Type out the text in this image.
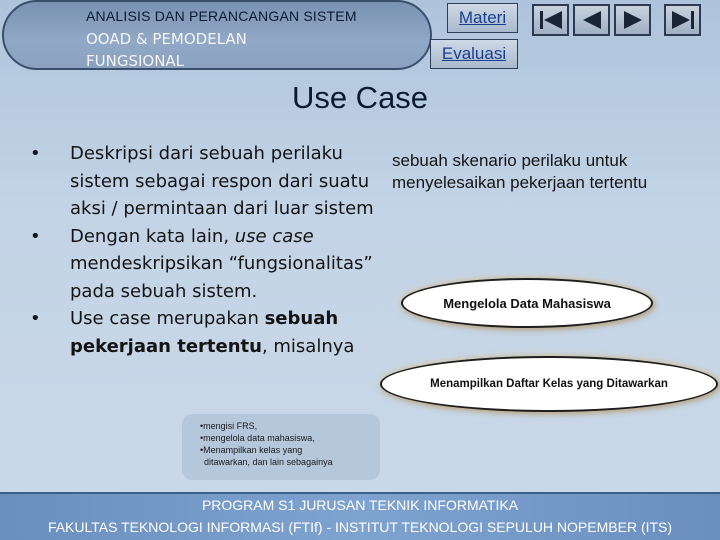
ANALISIS DAN PERANCANGAN SISTEM
OOAD & PEMODELAN
FUNGSIONAL
Materi
Evaluasi
Use Case
• Deskripsi dari sebuah perilaku sistem sebagai respon dari suatu aksi / permintaan dari luar sistem
• Dengan kata lain, use case mendeskripsikan “fungsionalitas” pada sebuah sistem.
• Use case merupakan sebuah pekerjaan tertentu, misalnya
•mengisi FRS,
•mengelola data mahasiswa,
•Menampilkan kelas yang
ditawarkan, dan lain sebagainya
sebuah skenario perilaku untuk menyelesaikan pekerjaan tertentu
Mengelola Data Mahasiswa
Menampilkan Daftar Kelas yang Ditawarkan
PROGRAM S1 JURUSAN TEKNIK INFORMATIKA
FAKULTAS TEKNOLOGI INFORMASI (FTIf) - INSTITUT TEKNOLOGI SEPULUH NOPEMBER (ITS)
